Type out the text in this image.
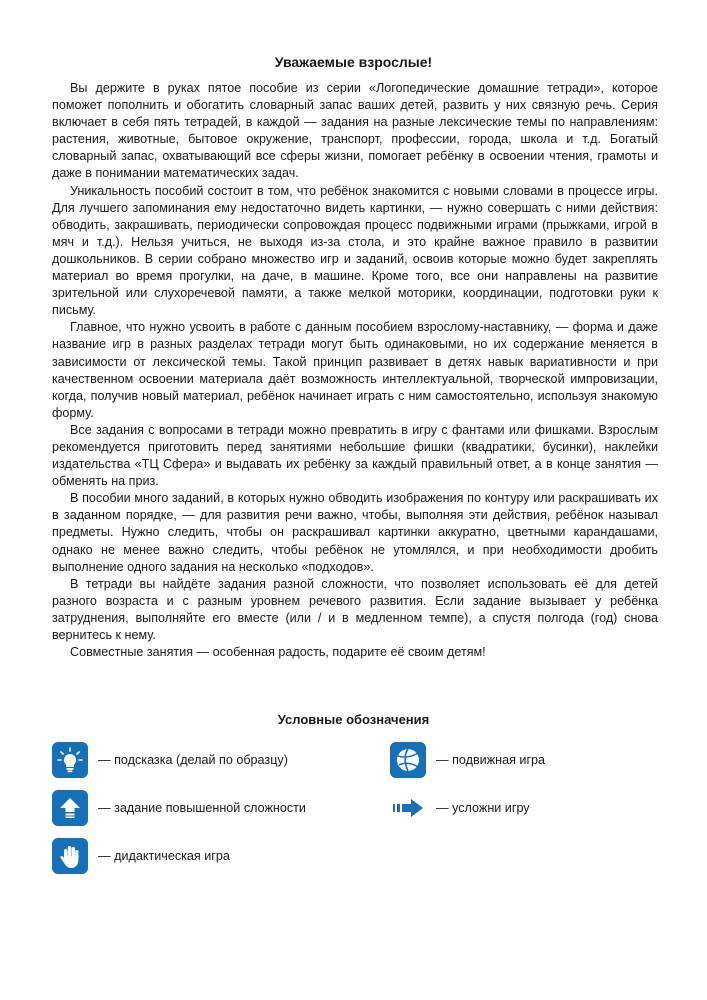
Уважаемые взрослые!

Вы держите в руках пятое пособие из серии «Логопедические домашние тетради», которое поможет пополнить и обогатить словарный запас ваших детей, развить у них связную речь. Серия включает в себя пять тетрадей, в каждой — задания на разные лексические темы по направлениям: растения, животные, бытовое окружение, транспорт, профессии, города, школа и т.д. Богатый словарный запас, охватывающий все сферы жизни, помогает ребёнку в освоении чтения, грамоты и даже в понимании математических задач.

Уникальность пособий состоит в том, что ребёнок знакомится с новыми словами в процессе игры. Для лучшего запоминания ему недостаточно видеть картинки, — нужно совершать с ними действия: обводить, закрашивать, периодически сопровождая процесс подвижными играми (прыжками, игрой в мяч и т.д.). Нельзя учиться, не выходя из-за стола, и это крайне важное правило в развитии дошкольников. В серии собрано множество игр и заданий, освоив которые можно будет закреплять материал во время прогулки, на даче, в машине. Кроме того, все они направлены на развитие зрительной или слухоречевой памяти, а также мелкой моторики, координации, подготовки руки к письму.

Главное, что нужно усвоить в работе с данным пособием взрослому-наставнику, — форма и даже название игр в разных разделах тетради могут быть одинаковыми, но их содержание меняется в зависимости от лексической темы. Такой принцип развивает в детях навык вариативности и при качественном освоении материала даёт возможность интеллектуальной, творческой импровизации, когда, получив новый материал, ребёнок начинает играть с ним самостоятельно, используя знакомую форму.

Все задания с вопросами в тетради можно превратить в игру с фантами или фишками. Взрослым рекомендуется приготовить перед занятиями небольшие фишки (квадратики, бусинки), наклейки издательства «ТЦ Сфера» и выдавать их ребёнку за каждый правильный ответ, а в конце занятия — обменять на приз.

В пособии много заданий, в которых нужно обводить изображения по контуру или раскрашивать их в заданном порядке, — для развития речи важно, чтобы, выполняя эти действия, ребёнок называл предметы. Нужно следить, чтобы он раскрашивал картинки аккуратно, цветными карандашами, однако не менее важно следить, чтобы ребёнок не утомлялся, и при необходимости дробить выполнение одного задания на несколько «подходов».

В тетради вы найдёте задания разной сложности, что позволяет использовать её для детей разного возраста и с разным уровнем речевого развития. Если задание вызывает у ребёнка затруднения, выполняйте его вместе (или / и в медленном темпе), а спустя полгода (год) снова вернитесь к нему.

Совместные занятия — особенная радость, подарите её своим детям!

Условные обозначения
— подсказка (делай по образцу)	— подвижная игра
— задание повышенной сложности	— усложни игру
— дидактическая игра
